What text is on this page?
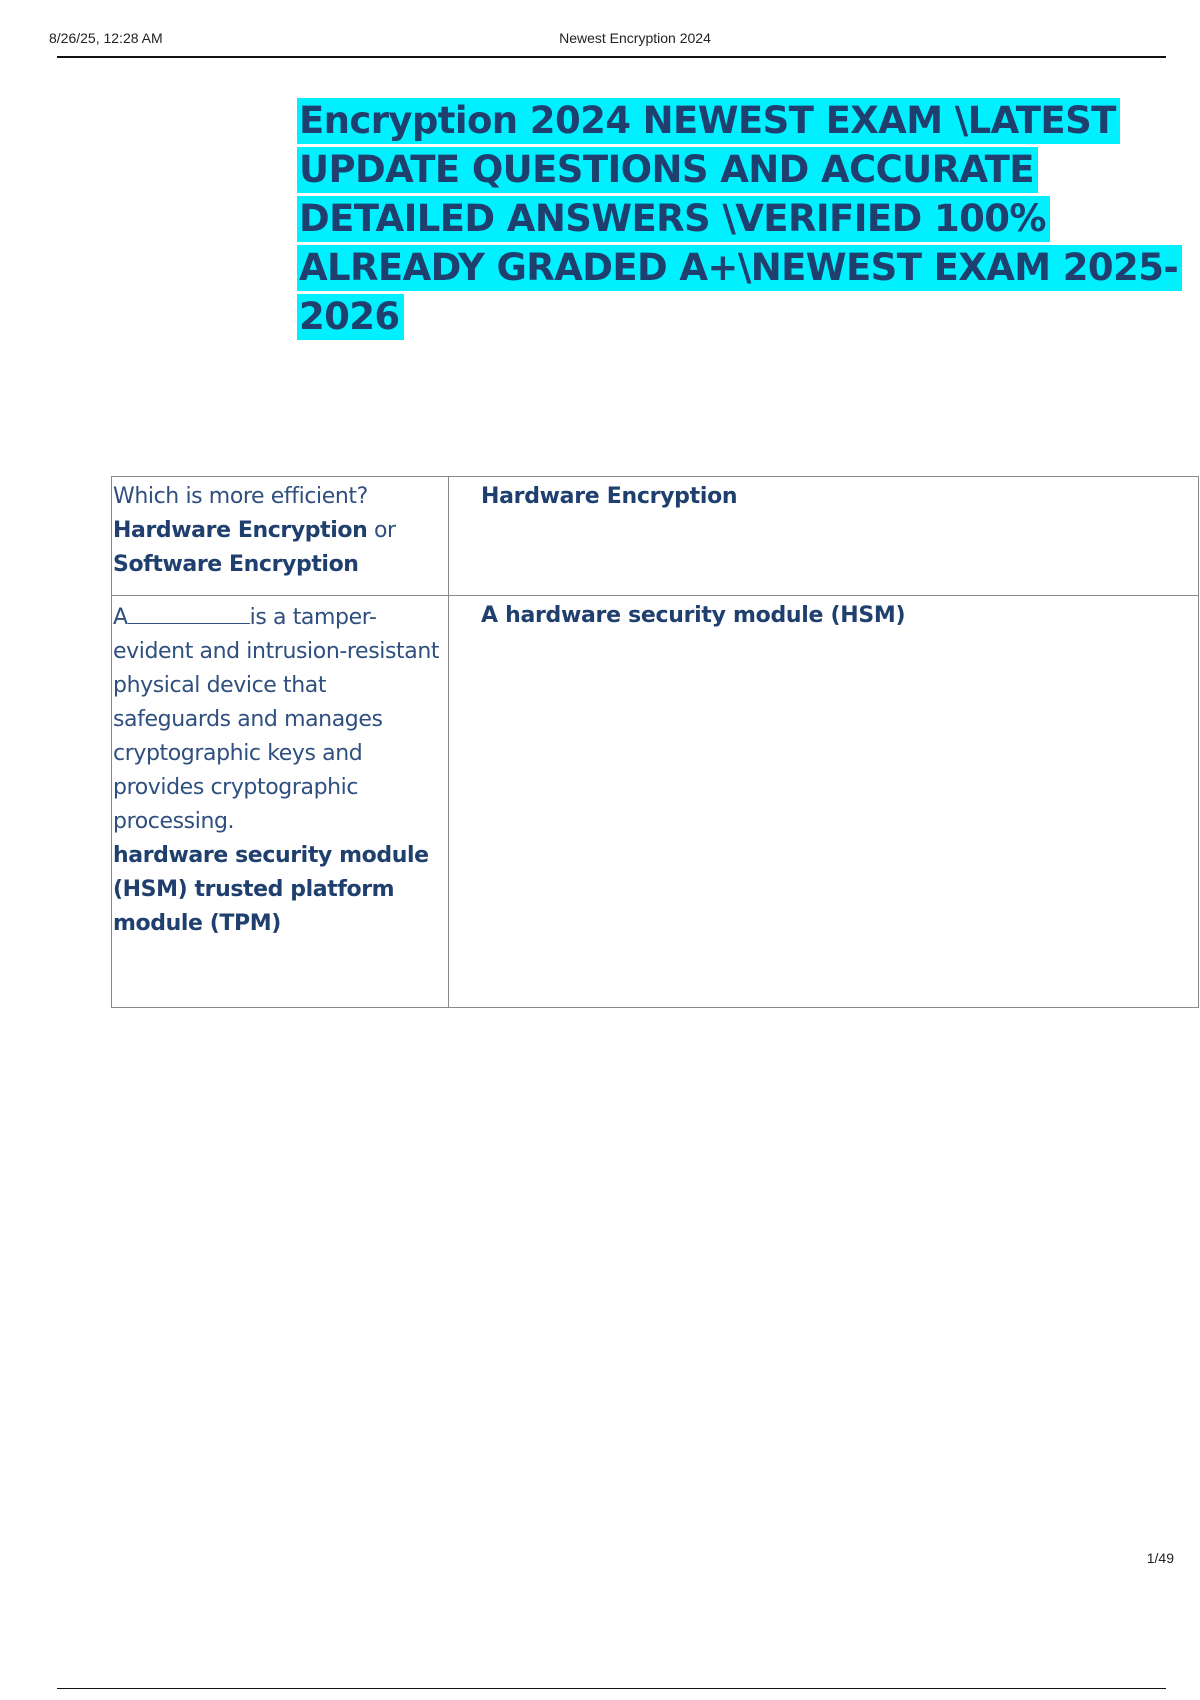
8/26/25, 12:28 AM	Newest Encryption 2024
Encryption 2024 NEWEST EXAM \LATEST UPDATE QUESTIONS AND ACCURATE DETAILED ANSWERS \VERIFIED 100% ALREADY GRADED A+\NEWEST EXAM 2025-2026
Which is more efficient?
Hardware Encryption or
Software Encryption	Hardware Encryption

A is a tamper-evident and intrusion-resistant physical device that safeguards and manages cryptographic keys and provides cryptographic processing.
hardware security module (HSM) trusted platform module (TPM)	A hardware security module (HSM)
1/49
